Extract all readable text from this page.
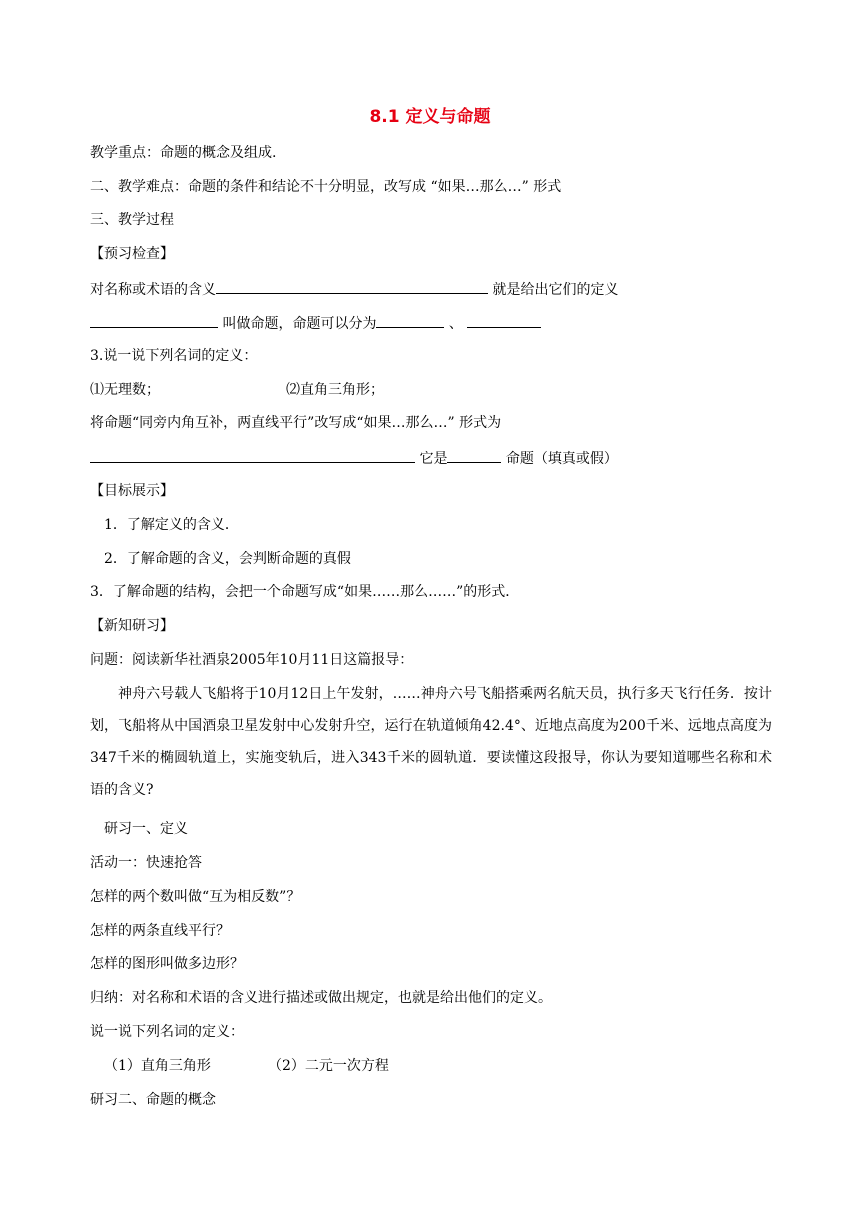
8.1 定义与命题
教学重点：命题的概念及组成.
二、教学难点：命题的条件和结论不十分明显，改写成 “如果…那么…” 形式
三、教学过程
【预习检查】
对名称或术语的含义	就是给出它们的定义
叫做命题，命题可以分为	、
3.说一说下列名词的定义：
⑴无理数；	⑵直角三角形；
将命题“同旁内角互补，两直线平行”改写成“如果…那么…” 形式为
它是	命题（填真或假）
【目标展示】
1．了解定义的含义．
2．了解命题的含义，会判断命题的真假
3．了解命题的结构，会把一个命题写成“如果……那么……”的形式．
【新知研习】
问题：阅读新华社酒泉2005年10月11日这篇报导：
神舟六号载人飞船将于10月12日上午发射，……神舟六号飞船搭乘两名航天员，执行多天飞行任务．按计划，飞船将从中国酒泉卫星发射中心发射升空，运行在轨道倾角42.4°、近地点高度为200千米、远地点高度为347千米的椭圆轨道上，实施变轨后，进入343千米的圆轨道．要读懂这段报导，你认为要知道哪些名称和术语的含义?
研习一、定义
活动一：快速抢答
怎样的两个数叫做“互为相反数”？
怎样的两条直线平行？
怎样的图形叫做多边形？
归纳：对名称和术语的含义进行描述或做出规定，也就是给出他们的定义。
说一说下列名词的定义：
（1）直角三角形	（2）二元一次方程
研习二、命题的概念
